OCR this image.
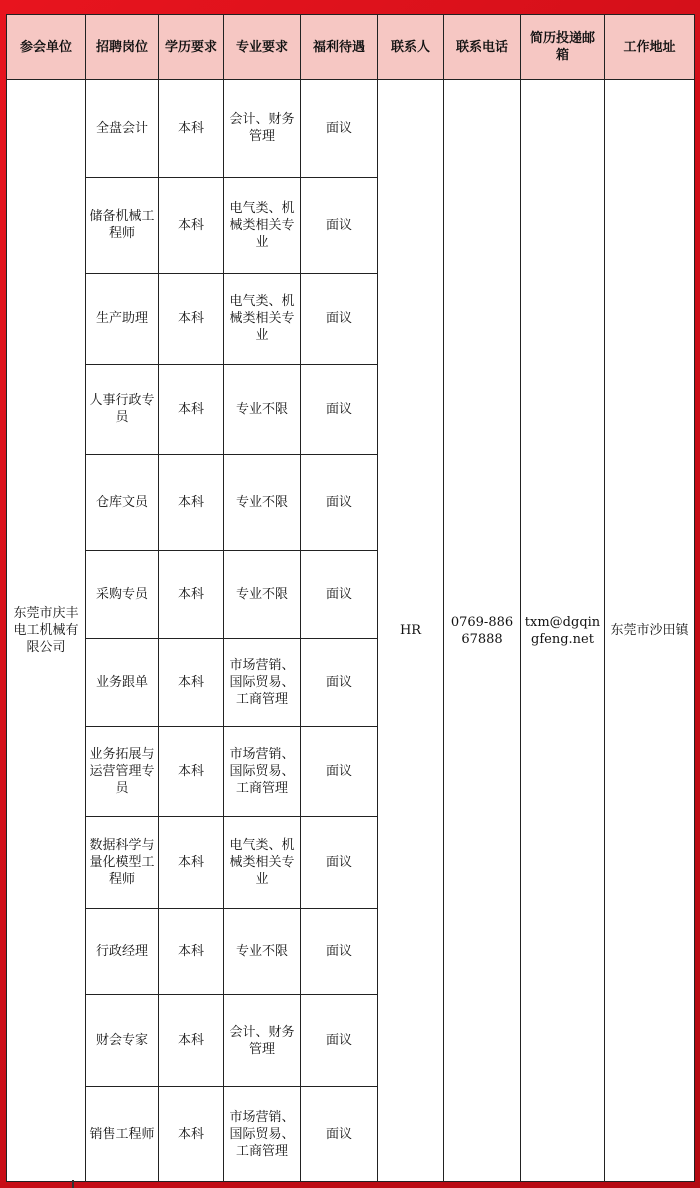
参会单位	招聘岗位	学历要求	专业要求	福利待遇	联系人	联系电话	简历投递邮箱	工作地址
东莞市庆丰电工机械有限公司	全盘会计	本科	会计、财务管理	面议	HR	0769-88667888	txm@dgqingfeng.net	东莞市沙田镇
	储备机械工程师	本科	电气类、机械类相关专业	面议				
	生产助理	本科	电气类、机械类相关专业	面议				
	人事行政专员	本科	专业不限	面议				
	仓库文员	本科	专业不限	面议				
	采购专员	本科	专业不限	面议				
	业务跟单	本科	市场营销、国际贸易、工商管理	面议				
	业务拓展与运营管理专员	本科	市场营销、国际贸易、工商管理	面议				
	数据科学与量化模型工程师	本科	电气类、机械类相关专业	面议				
	行政经理	本科	专业不限	面议				
	财会专家	本科	会计、财务管理	面议				
	销售工程师	本科	市场营销、国际贸易、工商管理	面议				
